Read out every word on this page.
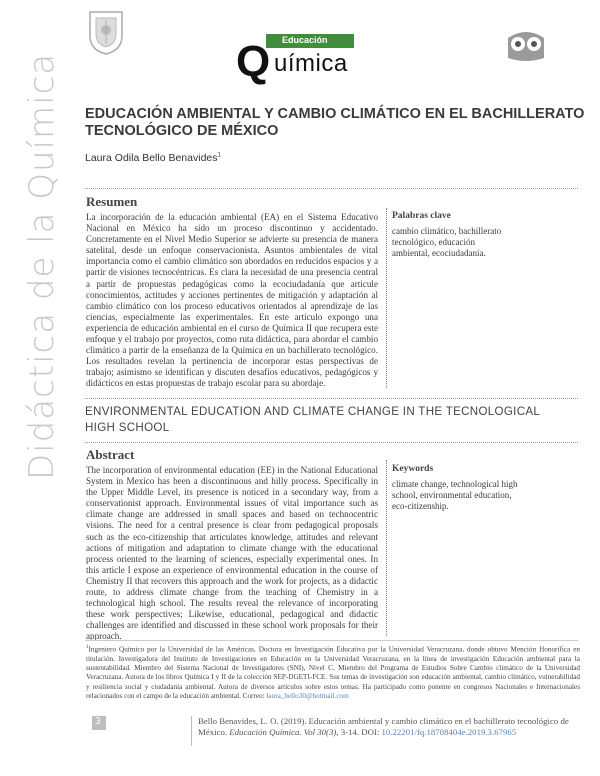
Educación
Q uímica
Didáctica de la Química EDUCACIÓN AMBIENTAL Y CAMBIO CLIMÁTICO EN EL BACHILLERATO
TECNOLÓGICO DE MÉXICO
Laura Odila Bello Benavides$^1$
Resumen
La incorporación de la educación ambiental (EA) en el Sistema Educativo Nacional en México ha sido un proceso discontinuo y accidentado. Concretamente en el Nivel Medio Superior se advierte su presencia de manera satelital, desde un enfoque conservacionista. Asuntos ambientales de vital importancia como el cambio climático son abordados en reducidos espacios y a partir de visiones tecnocéntricas. Es clara la necesidad de una presencia central a partir de propuestas pedagógicas como la ecociudadanía que articule conocimientos, actitudes y acciones pertinentes de mitigación y adaptación al cambio climático con los proceso educativos orientados al aprendizaje de las ciencias, especialmente las experimentales. En este artículo expongo una experiencia de educación ambiental en el curso de Química II que recupera este enfoque y el trabajo por proyectos, como ruta didáctica, para abordar el cambio climático a partir de la enseñanza de la Química en un bachillerato tecnológico. Los resultados revelan la pertinencia de incorporar estas perspectivas de trabajo; asimismo se identifican y discuten desafíos educativos, pedagógicos y didácticos en estas propuestas de trabajo escolar para su abordaje.
Palabras clave
cambio climático, bachillerato tecnológico, educación ambiental, ecociudadanía.
ENVIRONMENTAL EDUCATION AND CLIMATE CHANGE IN THE TECNOLOGICAL
HIGH SCHOOL
Abstract
The incorporation of environmental education (EE) in the National Educational System in Mexico has been a discontinuous and hilly process. Specifically in the Upper Middle Level, its presence is noticed in a secondary way, from a conservationist approach. Environmental issues of vital importance such as climate change are addressed in small spaces and based on technocentric visions. The need for a central presence is clear from pedagogical proposals such as the eco-citizenship that articulates knowledge, attitudes and relevant actions of mitigation and adaptation to climate change with the educational process oriented to the learning of sciences, especially experimental ones. In this article I expose an experience of environmental education in the course of Chemistry II that recovers this approach and the work for projects, as a didactic route, to address climate change from the teaching of Chemistry in a technological high school. The results reveal the relevance of incorporating these work perspectives; Likewise, educational, pedagogical and didactic challenges are identified and discussed in these school work proposals for their approach.
Keywords
climate change, technological high school, environmental education, eco-citizenship.
$^1$Ingeniero Químico por la Universidad de las Américas, Doctora en Investigación Educativa por la Universidad Veracruzana, donde obtuvo Mención Honorífica en titulación. Investigadora del Instituto de Investigaciones en Educación en la Universidad Veracruzana, en la línea de investigación Educación ambiental para la sustentabilidad. Miembro del Sistema Nacional de Investigadores (SNI), Nivel C. Miembro del Programa de Estudios Sobre Cambio climático de la Universidad Veracruzana. Autora de los libros Química I y II de la colección SEP-DGETI-FCE. Sus temas de investigación son educación ambiental, cambio climático, vulnerabilidad y resiliencia social y ciudadanía ambiental. Autora de diversos artículos sobre estos temas. Ha participado como ponente en congresos Nacionales e Internacionales relacionados con el campo de la educación ambiental. Correo: laura_bello30@hotmail.com
3	Bello Benavides, L. O. (2019). Educación ambiental y cambio climático en el bachillerato tecnológico de
México. Educación Química. Vol 30(3), 3-14. DOI: 10.22201/fq.18708404e.2019.3.67965
